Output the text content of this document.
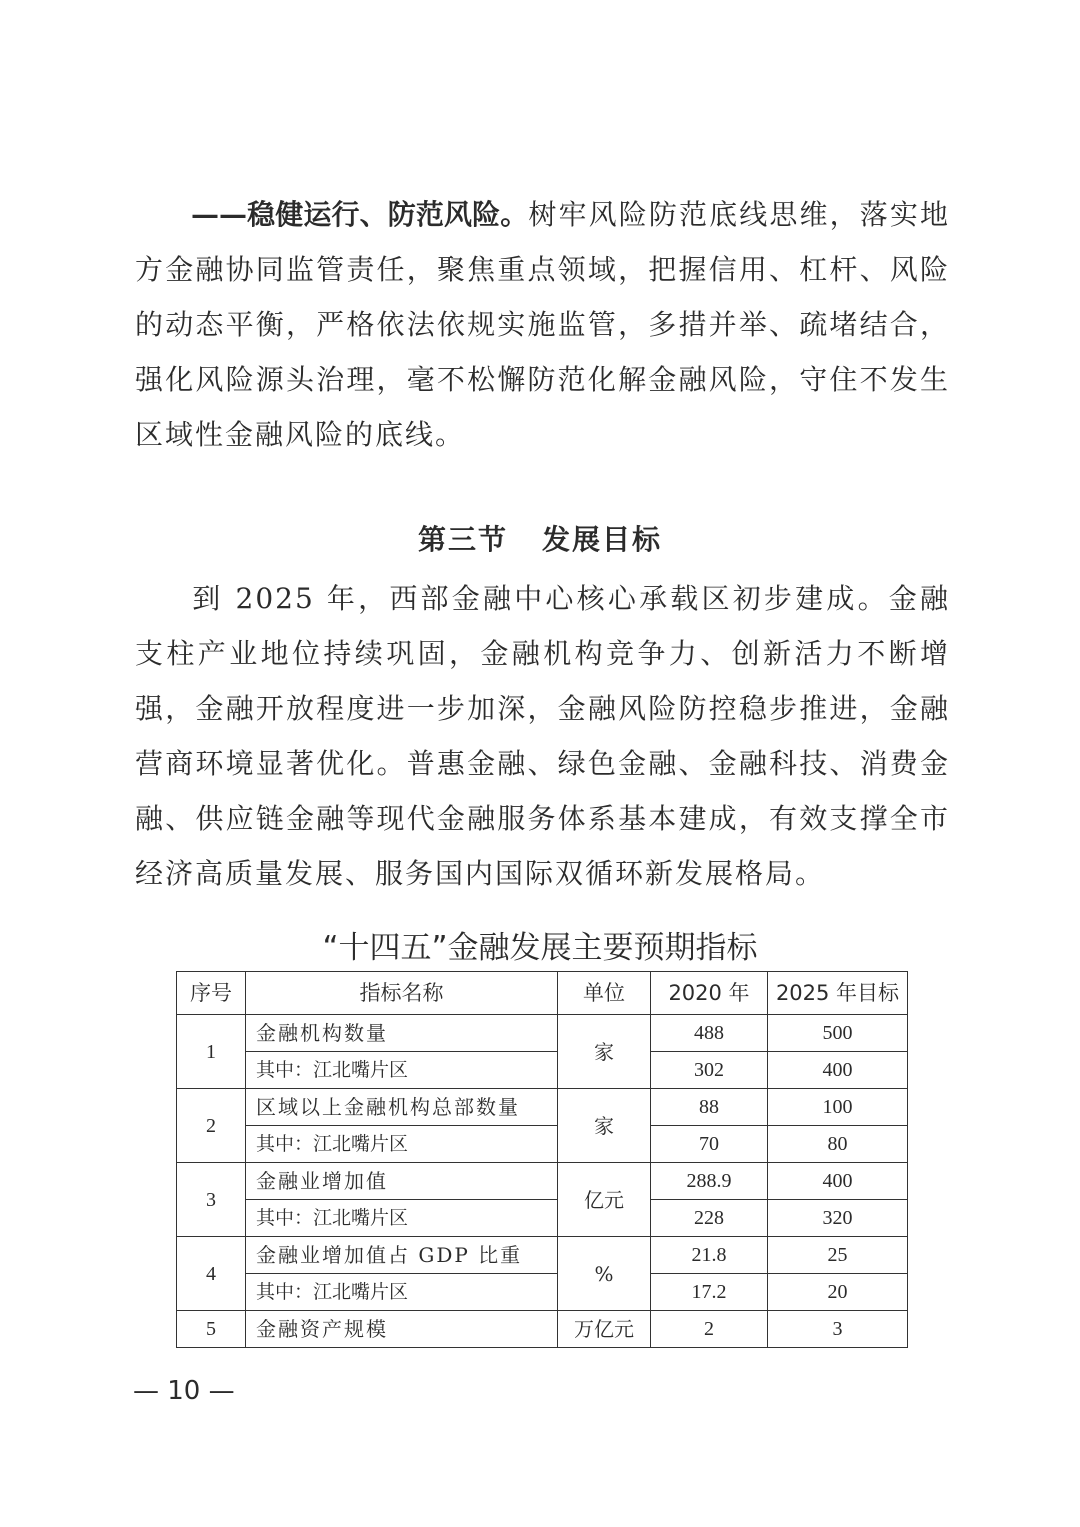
——稳健运行、防范风险。树牢风险防范底线思维，落实地方金融协同监管责任，聚焦重点领域，把握信用、杠杆、风险的动态平衡，严格依法依规实施监管，多措并举、疏堵结合，强化风险源头治理，毫不松懈防范化解金融风险，守住不发生区域性金融风险的底线。

第三节 发展目标

到 2025 年，西部金融中心核心承载区初步建成。金融支柱产业地位持续巩固，金融机构竞争力、创新活力不断增强，金融开放程度进一步加深，金融风险防控稳步推进，金融营商环境显著优化。普惠金融、绿色金融、金融科技、消费金融、供应链金融等现代金融服务体系基本建成，有效支撑全市经济高质量发展、服务国内国际双循环新发展格局。

“十四五”金融发展主要预期指标
序号	指标名称	单位	2020 年	2025 年目标
1	金融机构数量	家	488	500
	其中：江北嘴片区		302	400
2	区域以上金融机构总部数量	家	88	100
	其中：江北嘴片区		70	80
3	金融业增加值	亿元	288.9	400
	其中：江北嘴片区		228	320
4	金融业增加值占 GDP 比重	%	21.8	25
	其中：江北嘴片区		17.2	20
5	金融资产规模	万亿元	2	3
— 10 —
